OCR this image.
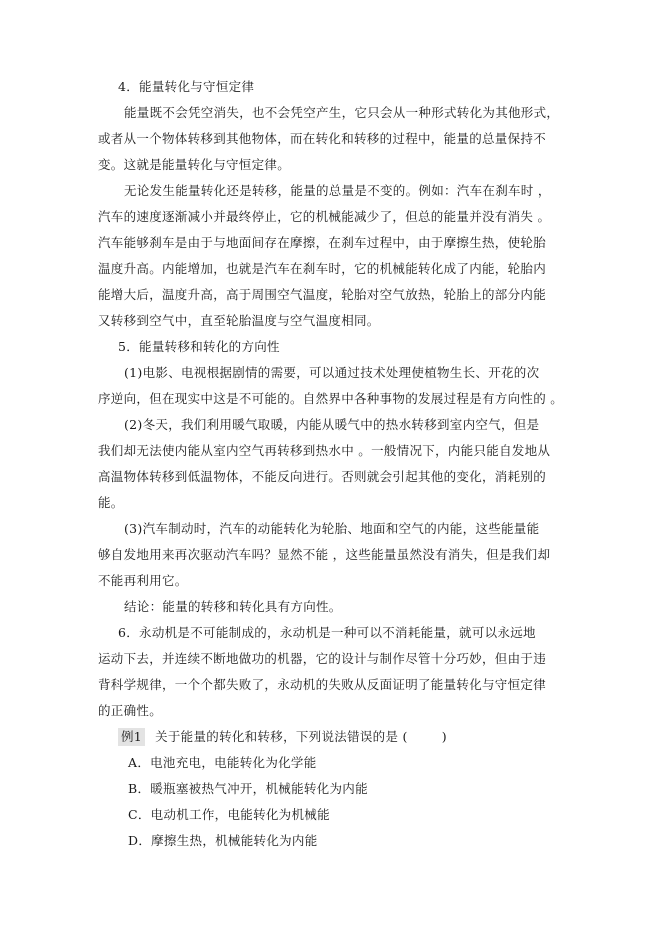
4．能量转化与守恒定律
能量既不会凭空消失，也不会凭空产生，它只会从一种形式转化为其他形式，
或者从一个物体转移到其他物体，而在转化和转移的过程中，能量的总量保持不
变。这就是能量转化与守恒定律。
无论发生能量转化还是转移，能量的总量是不变的。例如：汽车在刹车时 ，
汽车的速度逐渐减小并最终停止，它的机械能减少了，但总的能量并没有消失 。
汽车能够刹车是由于与地面间存在摩擦，在刹车过程中，由于摩擦生热，使轮胎
温度升高。内能增加，也就是汽车在刹车时，它的机械能转化成了内能，轮胎内
能增大后，温度升高，高于周围空气温度，轮胎对空气放热，轮胎上的部分内能
又转移到空气中，直至轮胎温度与空气温度相同。
5．能量转移和转化的方向性
(1)电影、电视根据剧情的需要，可以通过技术处理使植物生长、开花的次
序逆向，但在现实中这是不可能的。自然界中各种事物的发展过程是有方向性的 。
(2)冬天，我们利用暖气取暖，内能从暖气中的热水转移到室内空气，但是
我们却无法使内能从室内空气再转移到热水中 。一般情况下，内能只能自发地从
高温物体转移到低温物体，不能反向进行。否则就会引起其他的变化，消耗别的
能。
(3)汽车制动时，汽车的动能转化为轮胎、地面和空气的内能，这些能量能
够自发地用来再次驱动汽车吗？显然不能 ，这些能量虽然没有消失，但是我们却
不能再利用它。
结论：能量的转移和转化具有方向性。
6．永动机是不可能制成的，永动机是一种可以不消耗能量，就可以永远地
运动下去，并连续不断地做功的机器，它的设计与制作尽管十分巧妙，但由于违
背科学规律，一个个都失败了，永动机的失败从反面证明了能量转化与守恒定律
的正确性。
例1 关于能量的转化和转移，下列说法错误的是 (	)
A．电池充电，电能转化为化学能
B．暖瓶塞被热气冲开，机械能转化为内能
C．电动机工作，电能转化为机械能
D．摩擦生热，机械能转化为内能
